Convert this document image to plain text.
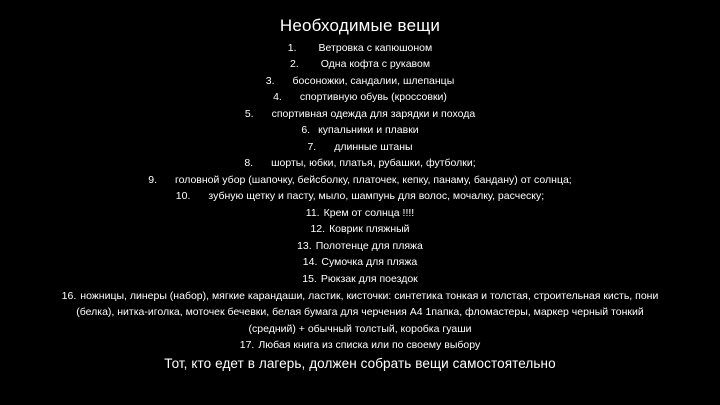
Необходимые вещи
1. Ветровка с капюшоном
2. Одна кофта с рукавом
3. босоножки, сандалии, шлепанцы
4. спортивную обувь (кроссовки)
5. спортивная одежда для зарядки и похода
6. купальники и плавки
7. длинные штаны
8. шорты, юбки, платья, рубашки, футболки;
9. головной убор (шапочку, бейсболку, платочек, кепку, панаму, бандану) от солнца;
10. зубную щетку и пасту, мыло, шампунь для волос, мочалку, расческу;
11. Крем от солнца !!!!
12. Коврик пляжный
13. Полотенце для пляжа
14. Сумочка для пляжа
15. Рюкзак для поездок
16. ножницы, линеры (набор), мягкие карандаши, ластик, кисточки: синтетика тонкая и толстая, строительная кисть, пони
(белка), нитка-иголка, моточек бечевки, белая бумага для черчения А4 1папка, фломастеры, маркер черный тонкий
(средний) + обычный толстый, коробка гуаши
17. Любая книга из списка или по своему выбору
Тот, кто едет в лагерь, должен собрать вещи самостоятельно
